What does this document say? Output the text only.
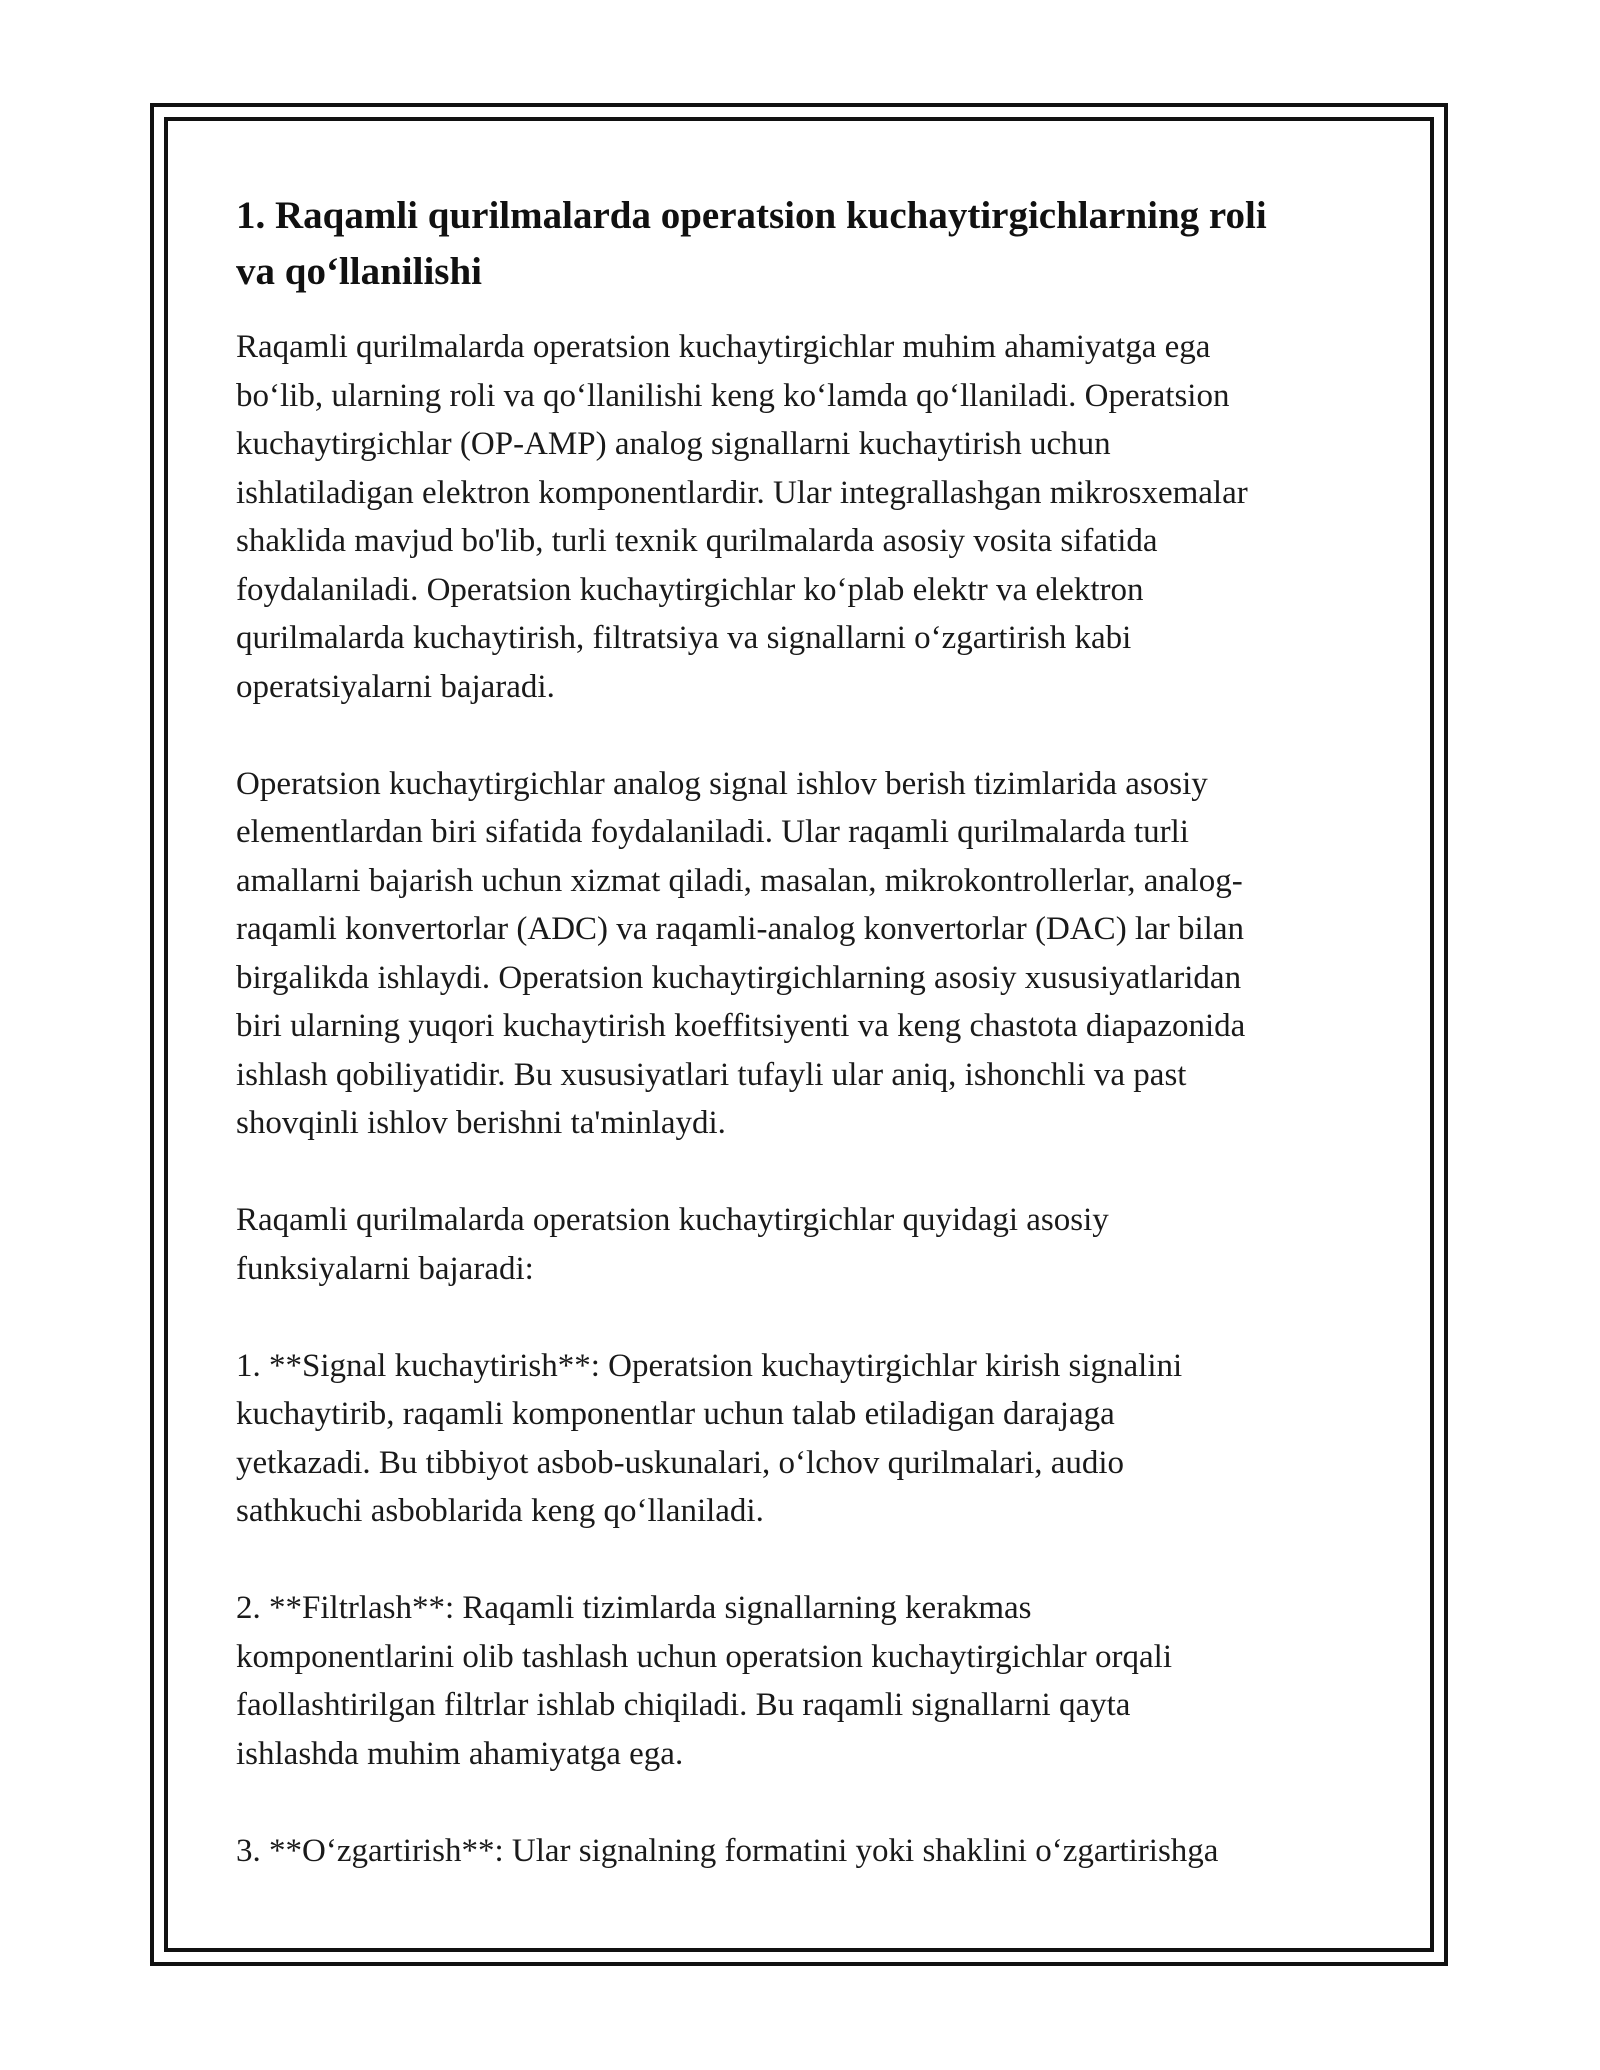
1. Raqamli qurilmalarda operatsion kuchaytirgichlarning roli
va qo‘llanilishi
Raqamli qurilmalarda operatsion kuchaytirgichlar muhim ahamiyatga ega
bo‘lib, ularning roli va qo‘llanilishi keng ko‘lamda qo‘llaniladi. Operatsion
kuchaytirgichlar (OP-AMP) analog signallarni kuchaytirish uchun
ishlatiladigan elektron komponentlardir. Ular integrallashgan mikrosxemalar
shaklida mavjud bo'lib, turli texnik qurilmalarda asosiy vosita sifatida
foydalaniladi. Operatsion kuchaytirgichlar ko‘plab elektr va elektron
qurilmalarda kuchaytirish, filtratsiya va signallarni o‘zgartirish kabi
operatsiyalarni bajaradi.
Operatsion kuchaytirgichlar analog signal ishlov berish tizimlarida asosiy
elementlardan biri sifatida foydalaniladi. Ular raqamli qurilmalarda turli
amallarni bajarish uchun xizmat qiladi, masalan, mikrokontrollerlar, analog-
raqamli konvertorlar (ADC) va raqamli-analog konvertorlar (DAC) lar bilan
birgalikda ishlaydi. Operatsion kuchaytirgichlarning asosiy xususiyatlaridan
biri ularning yuqori kuchaytirish koeffitsiyenti va keng chastota diapazonida
ishlash qobiliyatidir. Bu xususiyatlari tufayli ular aniq, ishonchli va past
shovqinli ishlov berishni ta'minlaydi.
Raqamli qurilmalarda operatsion kuchaytirgichlar quyidagi asosiy
funksiyalarni bajaradi:
1. **Signal kuchaytirish**: Operatsion kuchaytirgichlar kirish signalini
kuchaytirib, raqamli komponentlar uchun talab etiladigan darajaga
yetkazadi. Bu tibbiyot asbob-uskunalari, o‘lchov qurilmalari, audio
sathkuchi asboblarida keng qo‘llaniladi.
2. **Filtrlash**: Raqamli tizimlarda signallarning kerakmas
komponentlarini olib tashlash uchun operatsion kuchaytirgichlar orqali
faollashtirilgan filtrlar ishlab chiqiladi. Bu raqamli signallarni qayta
ishlashda muhim ahamiyatga ega.
3. **O‘zgartirish**: Ular signalning formatini yoki shaklini o‘zgartirishga
